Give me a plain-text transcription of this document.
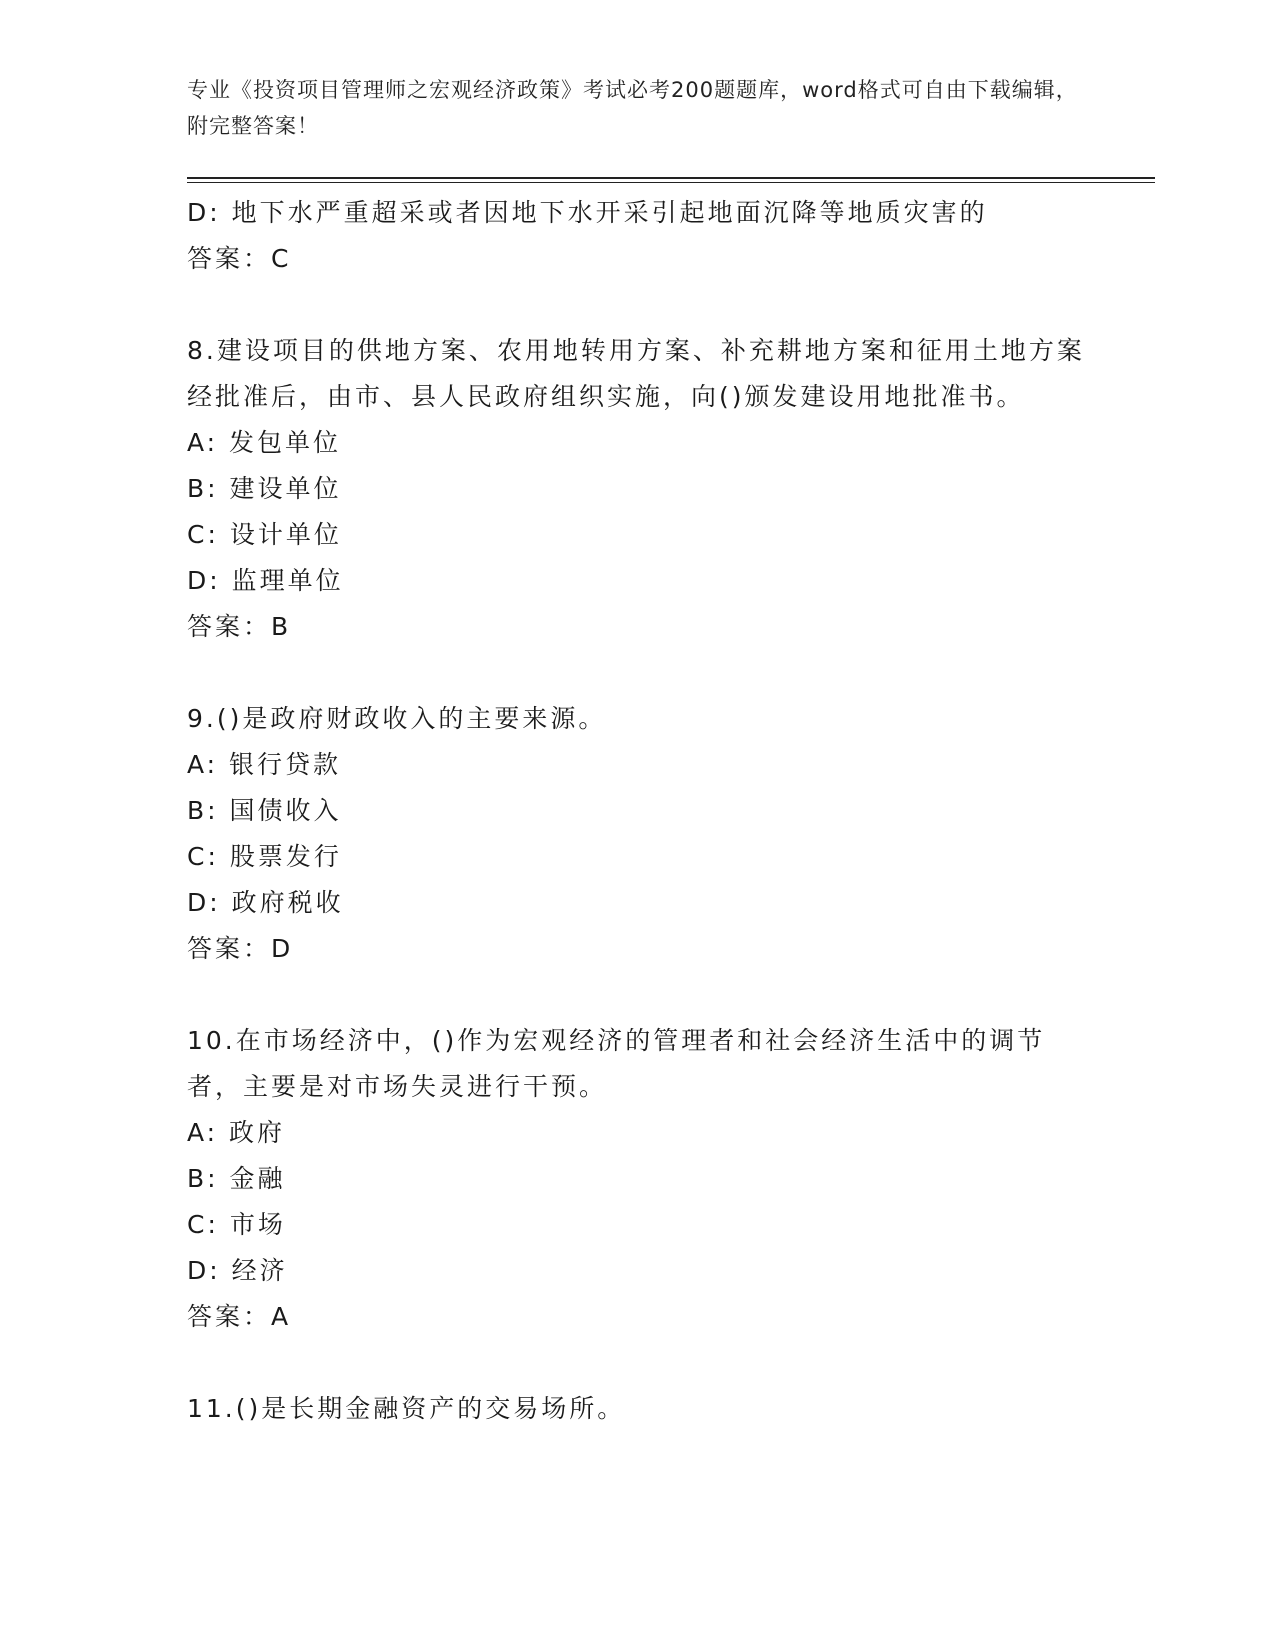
专业《投资项目管理师之宏观经济政策》考试必考200题题库，word格式可自由下载编辑，附完整答案！

D: 地下水严重超采或者因地下水开采引起地面沉降等地质灾害的

答案：C

8.建设项目的供地方案、农用地转用方案、补充耕地方案和征用土地方案经批准后，由市、县人民政府组织实施，向()颁发建设用地批准书。

A: 发包单位

B: 建设单位

C: 设计单位

D: 监理单位

答案：B

9.()是政府财政收入的主要来源。

A: 银行贷款

B: 国债收入

C: 股票发行

D: 政府税收

答案：D

10.在市场经济中，()作为宏观经济的管理者和社会经济生活中的调节者，主要是对市场失灵进行干预。

A: 政府

B: 金融

C: 市场

D: 经济

答案：A

11.()是长期金融资产的交易场所。
